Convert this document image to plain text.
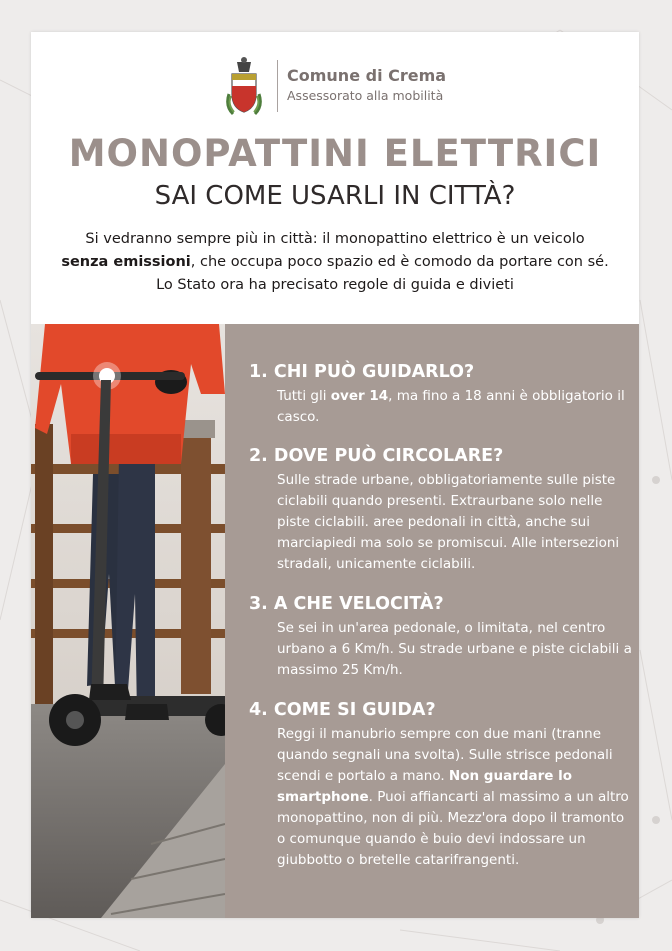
Comune di Crema
Assessorato alla mobilità
MONOPATTINI ELETTRICI
SAI COME USARLI IN CITTÀ?
Si vedranno sempre più in città: il monopattino elettrico è un veicolo senza emissioni, che occupa poco spazio ed è comodo da portare con sé. Lo Stato ora ha precisato regole di guida e divieti
1. CHI PUÒ GUIDARLO?

Tutti gli over 14, ma fino a 18 anni è obbligatorio il casco.

2. DOVE PUÒ CIRCOLARE?

Sulle strade urbane, obbligatoriamente sulle piste ciclabili quando presenti. Extraurbane solo nelle piste ciclabili. aree pedonali in città, anche sui marciapiedi ma solo se promiscui. Alle intersezioni stradali, unicamente ciclabili.

3. A CHE VELOCITÀ?

Se sei in un'area pedonale, o limitata, nel centro urbano a 6 Km/h. Su strade urbane e piste ciclabili a massimo 25 Km/h.

4. COME SI GUIDA?

Reggi il manubrio sempre con due mani (tranne quando segnali una svolta). Sulle strisce pedonali scendi e portalo a mano. Non guardare lo smartphone. Puoi affiancarti al massimo a un altro monopattino, non di più. Mezz'ora dopo il tramonto o comunque quando è buio devi indossare un giubbotto o bretelle catarifrangenti.
